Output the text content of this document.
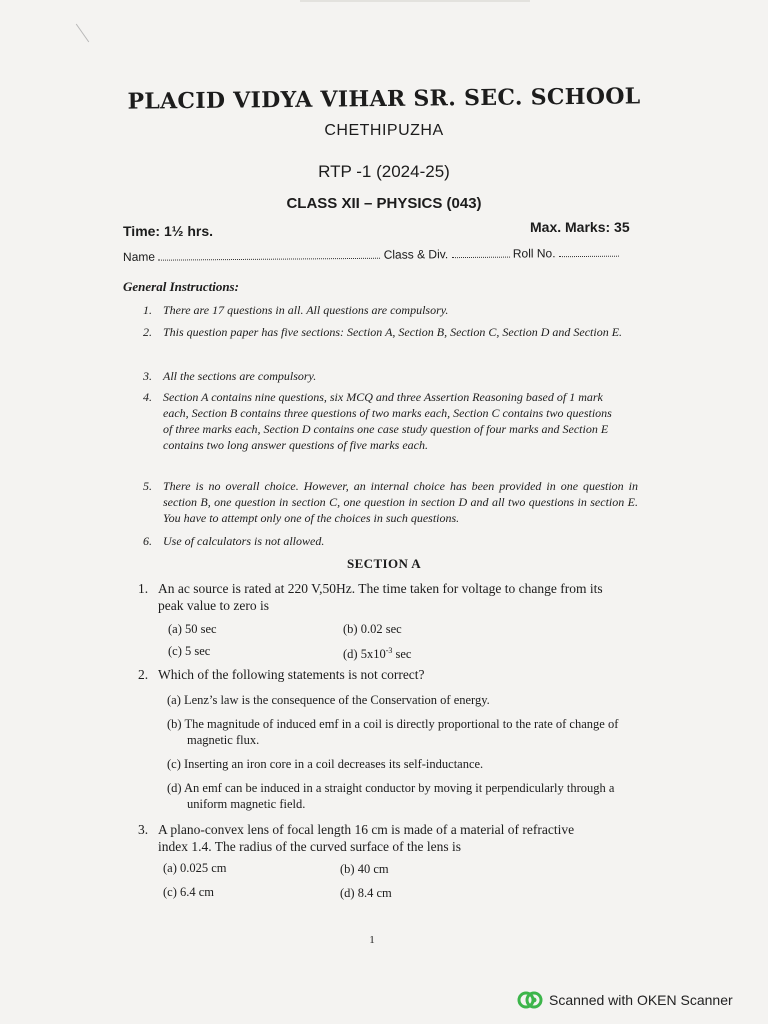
PLACID VIDYA VIHAR SR. SEC. SCHOOL
CHETHIPUZHA
RTP -1 (2024-25)
CLASS XII – PHYSICS (043)
Time: 1½ hrs.	Max. Marks: 35
Name	Class & Div.	Roll No.
General Instructions:
1. There are 17 questions in all. All questions are compulsory.
2. This question paper has five sections: Section A, Section B, Section C, Section D and Section E.
3. All the sections are compulsory.
4. Section A contains nine questions, six MCQ and three Assertion Reasoning based of 1 mark each, Section B contains three questions of two marks each, Section C contains two questions of three marks each, Section D contains one case study question of four marks and Section E contains two long answer questions of five marks each.
5. There is no overall choice. However, an internal choice has been provided in one question in section B, one question in section C, one question in section D and all two questions in section E. You have to attempt only one of the choices in such questions.
6. Use of calculators is not allowed.
SECTION A
1. An ac source is rated at 220 V,50Hz. The time taken for voltage to change from its peak value to zero is
(a) 50 sec	(b) 0.02 sec
(c) 5 sec	(d) $5x10^{-3}$ sec
2. Which of the following statements is not correct?
(a) Lenz’s law is the consequence of the Conservation of energy.
(b) The magnitude of induced emf in a coil is directly proportional to the rate of change of magnetic flux.
(c) Inserting an iron core in a coil decreases its self-inductance.
(d) An emf can be induced in a straight conductor by moving it perpendicularly through a uniform magnetic field.
3. A plano-convex lens of focal length 16 cm is made of a material of refractive index 1.4. The radius of the curved surface of the lens is
(a) 0.025 cm	(b) 40 cm
(c) 6.4 cm	(d) 8.4 cm
1
Scanned with OKEN Scanner
